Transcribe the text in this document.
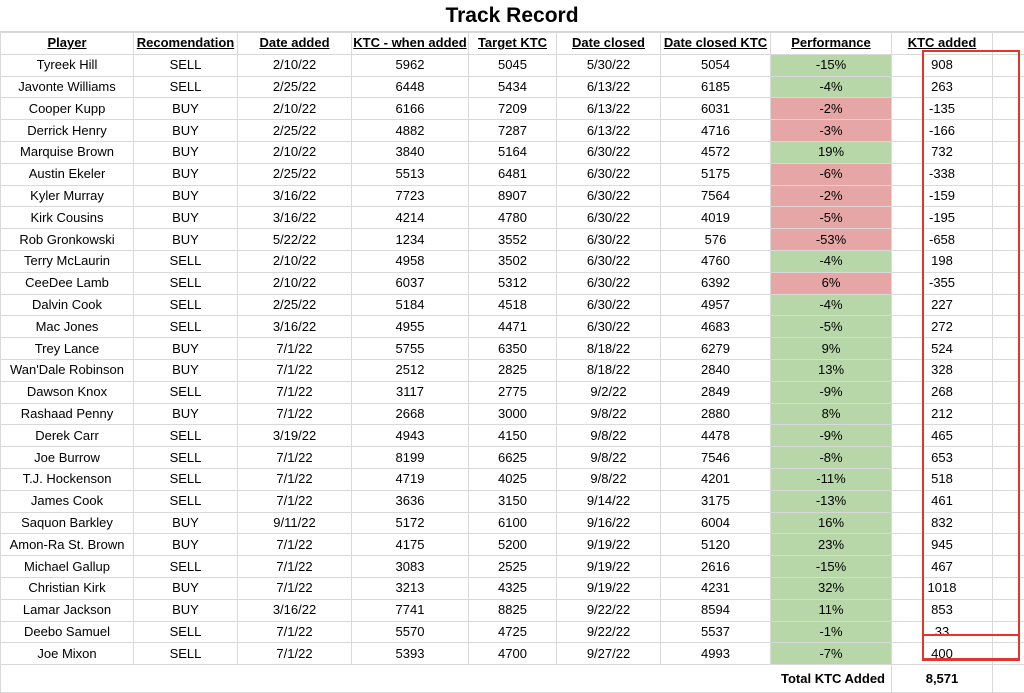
Track Record
Player	Recomendation	Date added	KTC - when added	Target KTC	Date closed	Date closed KTC	Performance	KTC added	
Tyreek Hill	SELL	2/10/22	5962	5045	5/30/22	5054	-15%	908	
Javonte Williams	SELL	2/25/22	6448	5434	6/13/22	6185	-4%	263	
Cooper Kupp	BUY	2/10/22	6166	7209	6/13/22	6031	-2%	-135	
Derrick Henry	BUY	2/25/22	4882	7287	6/13/22	4716	-3%	-166	
Marquise Brown	BUY	2/10/22	3840	5164	6/30/22	4572	19%	732	
Austin Ekeler	BUY	2/25/22	5513	6481	6/30/22	5175	-6%	-338	
Kyler Murray	BUY	3/16/22	7723	8907	6/30/22	7564	-2%	-159	
Kirk Cousins	BUY	3/16/22	4214	4780	6/30/22	4019	-5%	-195	
Rob Gronkowski	BUY	5/22/22	1234	3552	6/30/22	576	-53%	-658	
Terry McLaurin	SELL	2/10/22	4958	3502	6/30/22	4760	-4%	198	
CeeDee Lamb	SELL	2/10/22	6037	5312	6/30/22	6392	6%	-355	
Dalvin Cook	SELL	2/25/22	5184	4518	6/30/22	4957	-4%	227	
Mac Jones	SELL	3/16/22	4955	4471	6/30/22	4683	-5%	272	
Trey Lance	BUY	7/1/22	5755	6350	8/18/22	6279	9%	524	
Wan'Dale Robinson	BUY	7/1/22	2512	2825	8/18/22	2840	13%	328	
Dawson Knox	SELL	7/1/22	3117	2775	9/2/22	2849	-9%	268	
Rashaad Penny	BUY	7/1/22	2668	3000	9/8/22	2880	8%	212	
Derek Carr	SELL	3/19/22	4943	4150	9/8/22	4478	-9%	465	
Joe Burrow	SELL	7/1/22	8199	6625	9/8/22	7546	-8%	653	
T.J. Hockenson	SELL	7/1/22	4719	4025	9/8/22	4201	-11%	518	
James Cook	SELL	7/1/22	3636	3150	9/14/22	3175	-13%	461	
Saquon Barkley	BUY	9/11/22	5172	6100	9/16/22	6004	16%	832	
Amon-Ra St. Brown	BUY	7/1/22	4175	5200	9/19/22	5120	23%	945	
Michael Gallup	SELL	7/1/22	3083	2525	9/19/22	2616	-15%	467	
Christian Kirk	BUY	7/1/22	3213	4325	9/19/22	4231	32%	1018	
Lamar Jackson	BUY	3/16/22	7741	8825	9/22/22	8594	11%	853	
Deebo Samuel	SELL	7/1/22	5570	4725	9/22/22	5537	-1%	33	
Joe Mixon	SELL	7/1/22	5393	4700	9/27/22	4993	-7%	400	
Total KTC Added								8,571	
